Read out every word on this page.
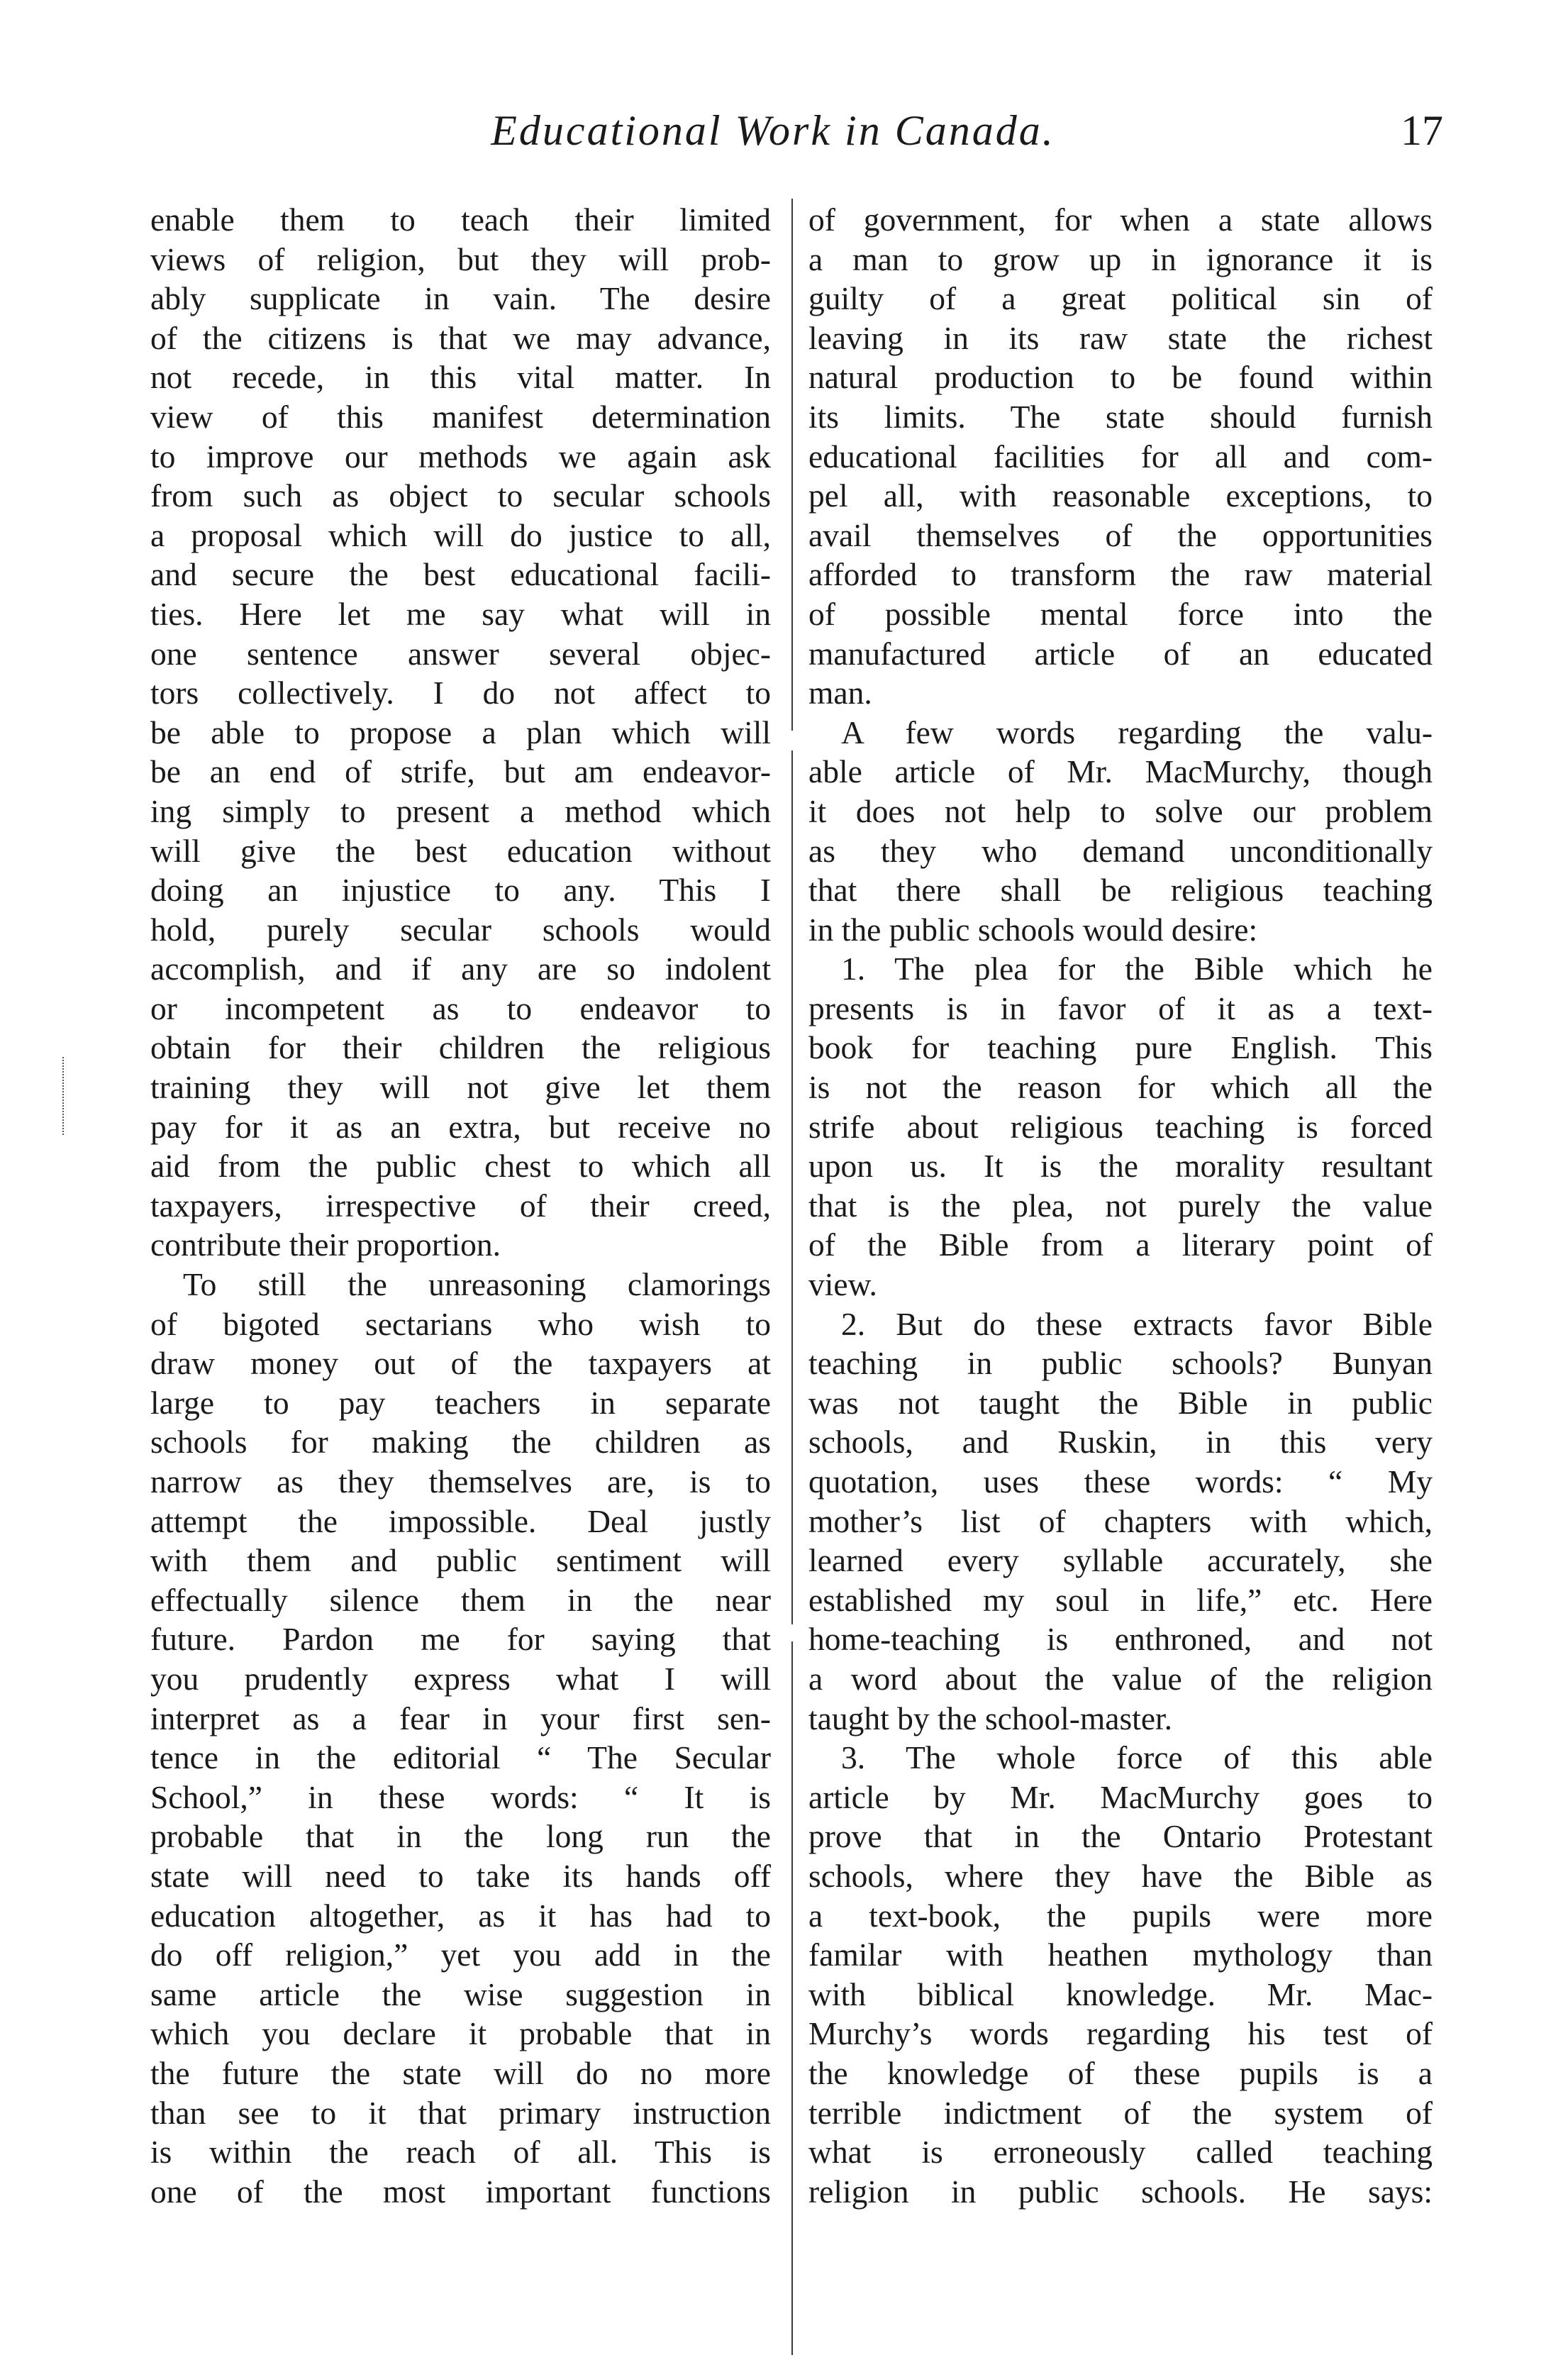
Educational Work in Canada.	17
enable them to teach their limited
views of religion, but they will prob-
ably supplicate in vain. The desire
of the citizens is that we may advance,
not recede, in this vital matter. In
view of this manifest determination
to improve our methods we again ask
from such as object to secular schools
a proposal which will do justice to all,
and secure the best educational facili-
ties. Here let me say what will in
one sentence answer several objec-
tors collectively. I do not affect to
be able to propose a plan which will
be an end of strife, but am endeavor-
ing simply to present a method which
will give the best education without
doing an injustice to any. This I
hold, purely secular schools would
accomplish, and if any are so indolent
or incompetent as to endeavor to
obtain for their children the religious
training they will not give let them
pay for it as an extra, but receive no
aid from the public chest to which all
taxpayers, irrespective of their creed,
contribute their proportion.
To still the unreasoning clamorings
of bigoted sectarians who wish to
draw money out of the taxpayers at
large to pay teachers in separate
schools for making the children as
narrow as they themselves are, is to
attempt the impossible. Deal justly
with them and public sentiment will
effectually silence them in the near
future. Pardon me for saying that
you prudently express what I will
interpret as a fear in your first sen-
tence in the editorial “ The Secular
School,” in these words: “ It is
probable that in the long run the
state will need to take its hands off
education altogether, as it has had to
do off religion,” yet you add in the
same article the wise suggestion in
which you declare it probable that in
the future the state will do no more
than see to it that primary instruction
is within the reach of all. This is
one of the most important functions
of government, for when a state allows
a man to grow up in ignorance it is
guilty of a great political sin of
leaving in its raw state the richest
natural production to be found within
its limits. The state should furnish
educational facilities for all and com-
pel all, with reasonable exceptions, to
avail themselves of the opportunities
afforded to transform the raw material
of possible mental force into the
manufactured article of an educated
man.
A few words regarding the valu-
able article of Mr. MacMurchy, though
it does not help to solve our problem
as they who demand unconditionally
that there shall be religious teaching
in the public schools would desire:
1. The plea for the Bible which he
presents is in favor of it as a text-
book for teaching pure English. This
is not the reason for which all the
strife about religious teaching is forced
upon us. It is the morality resultant
that is the plea, not purely the value
of the Bible from a literary point of
view.
2. But do these extracts favor Bible
teaching in public schools? Bunyan
was not taught the Bible in public
schools, and Ruskin, in this very
quotation, uses these words: “ My
mother’s list of chapters with which,
learned every syllable accurately, she
established my soul in life,” etc. Here
home-teaching is enthroned, and not
a word about the value of the religion
taught by the school-master.
3. The whole force of this able
article by Mr. MacMurchy goes to
prove that in the Ontario Protestant
schools, where they have the Bible as
a text-book, the pupils were more
familar with heathen mythology than
with biblical knowledge. Mr. Mac-
Murchy’s words regarding his test of
the knowledge of these pupils is a
terrible indictment of the system of
what is erroneously called teaching
religion in public schools. He says:
